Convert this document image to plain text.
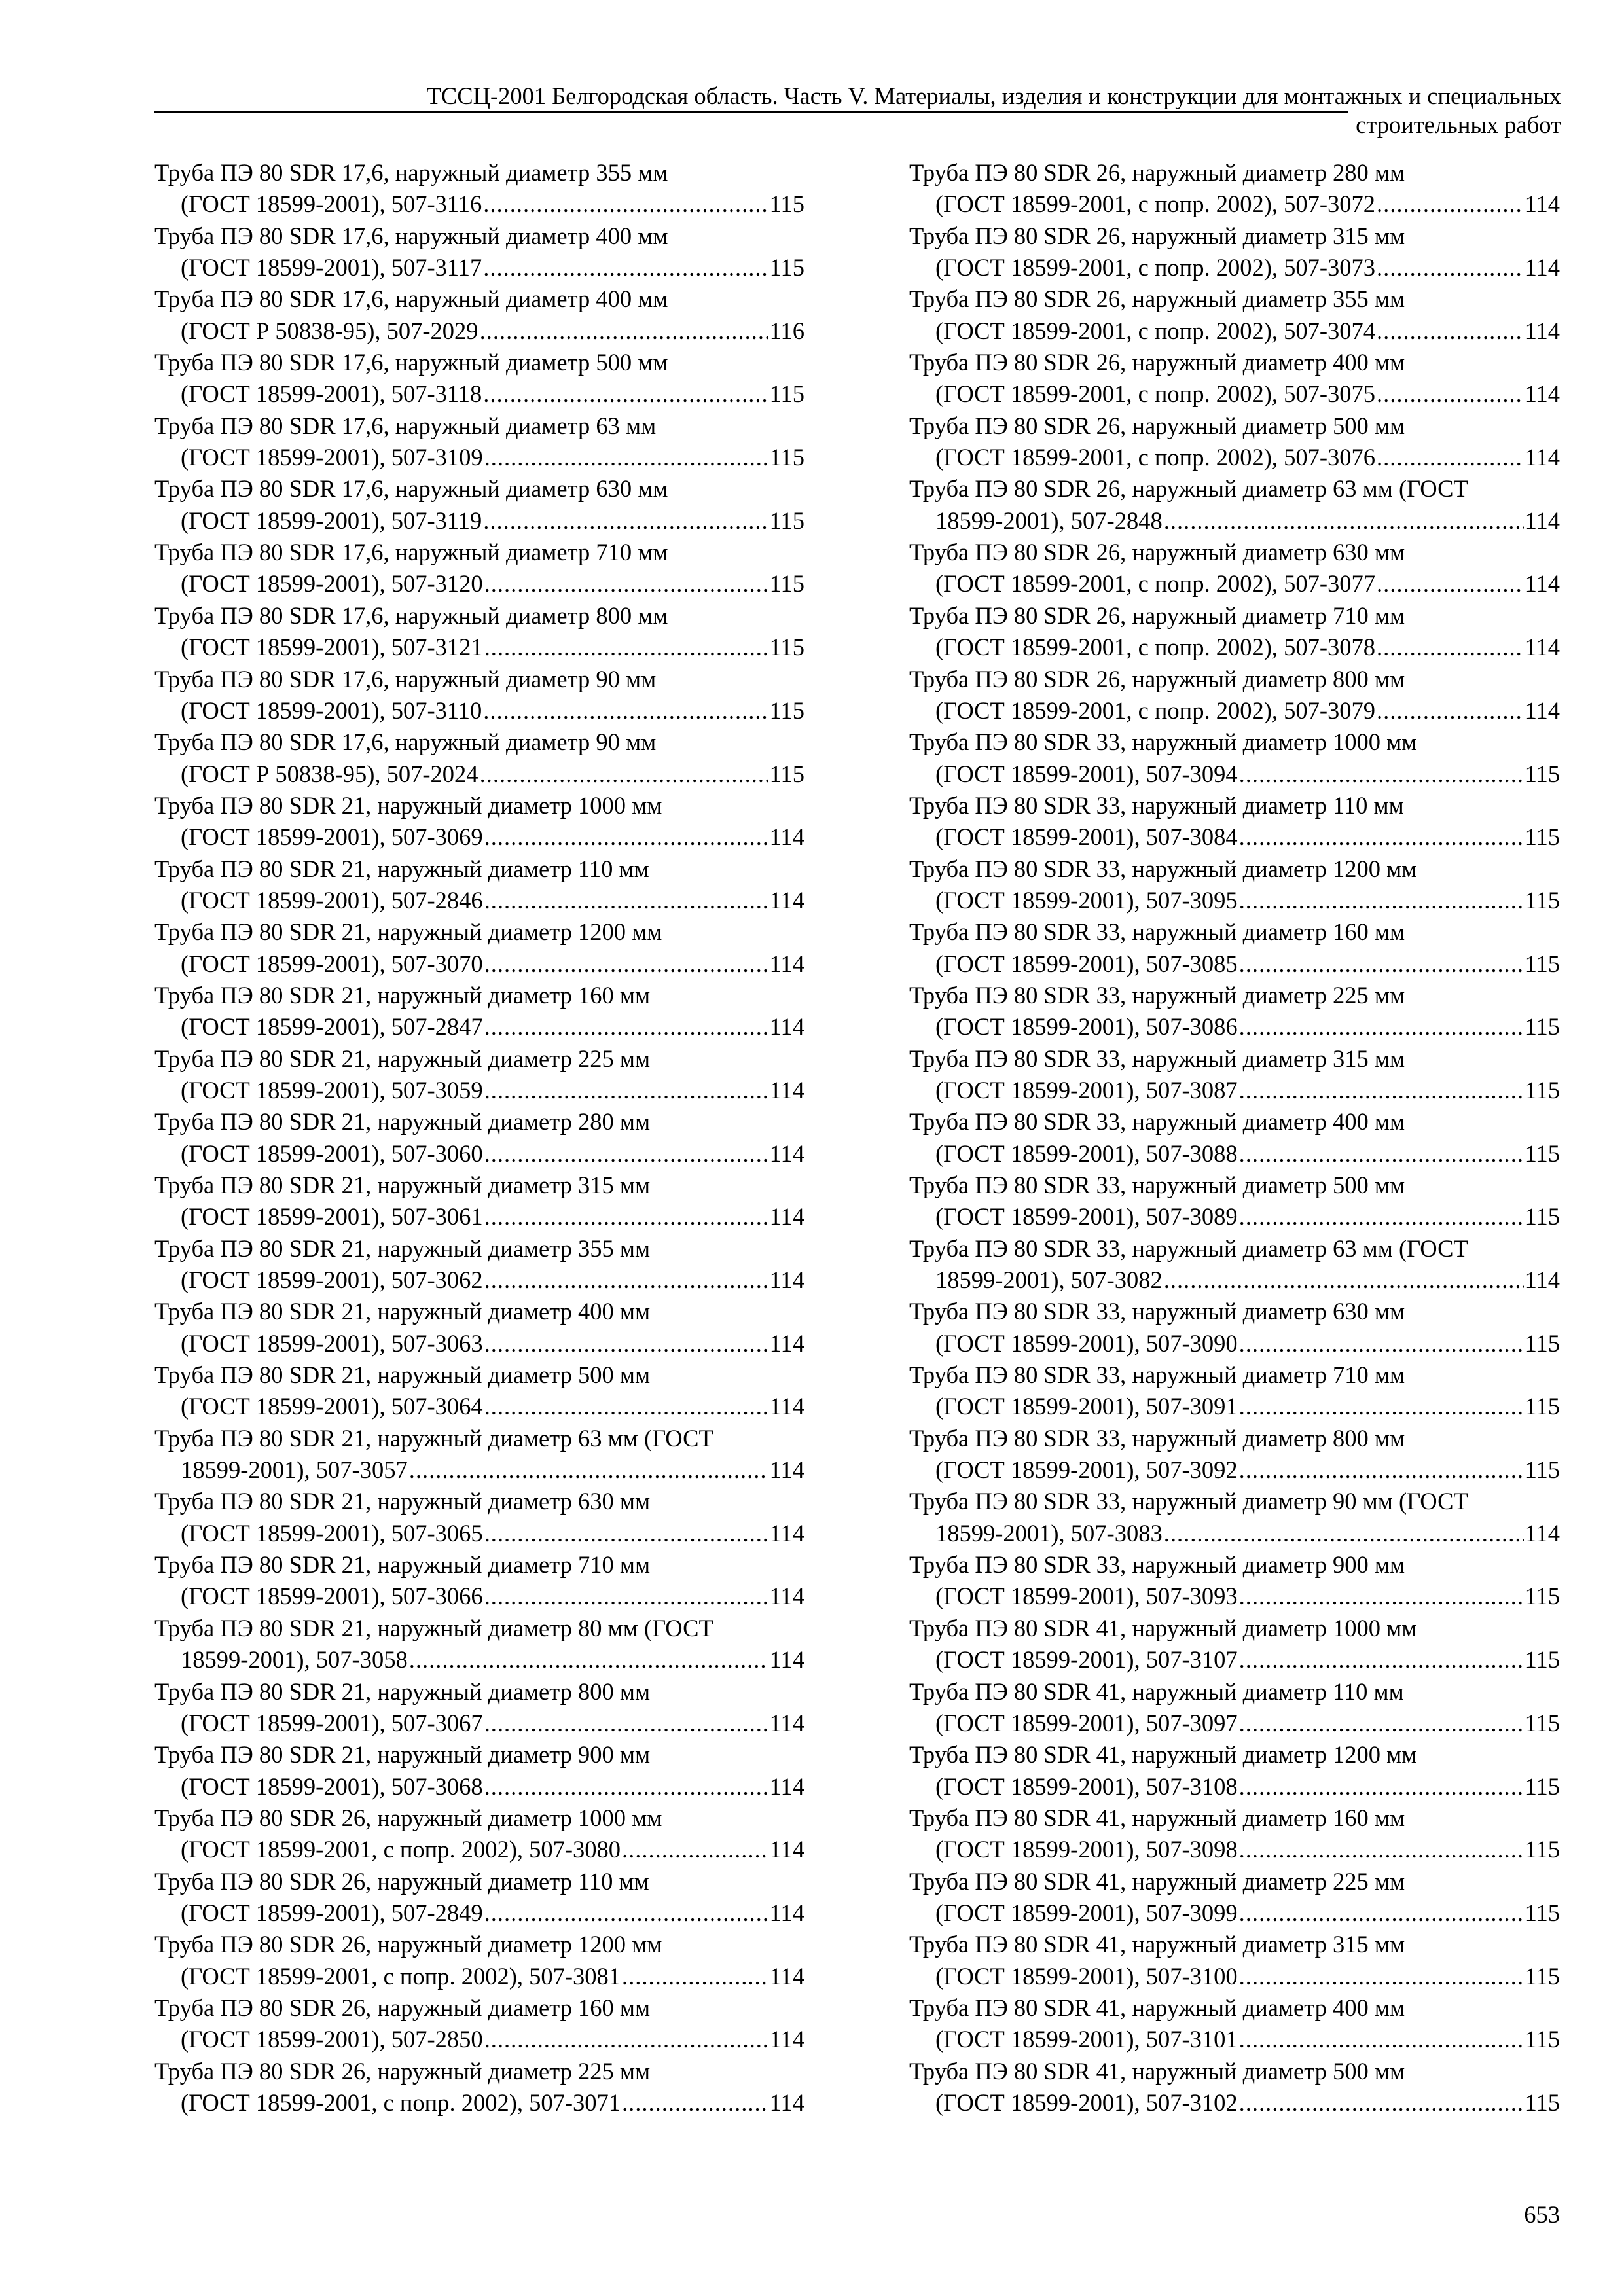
ТССЦ-2001 Белгородская область. Часть V. Материалы, изделия и конструкции для монтажных и специальных
строительных работ
Труба ПЭ 80 SDR 17,6, наружный диаметр 355 мм
(ГОСТ 18599-2001), 507-3116 .....	115
Труба ПЭ 80 SDR 17,6, наружный диаметр 400 мм
(ГОСТ 18599-2001), 507-3117 .....	115
Труба ПЭ 80 SDR 17,6, наружный диаметр 400 мм
(ГОСТ Р 50838-95), 507-2029 .....	116
Труба ПЭ 80 SDR 17,6, наружный диаметр 500 мм
(ГОСТ 18599-2001), 507-3118 .....	115
Труба ПЭ 80 SDR 17,6, наружный диаметр 63 мм
(ГОСТ 18599-2001), 507-3109 .....	115
Труба ПЭ 80 SDR 17,6, наружный диаметр 630 мм
(ГОСТ 18599-2001), 507-3119 .....	115
Труба ПЭ 80 SDR 17,6, наружный диаметр 710 мм
(ГОСТ 18599-2001), 507-3120 .....	115
Труба ПЭ 80 SDR 17,6, наружный диаметр 800 мм
(ГОСТ 18599-2001), 507-3121 .....	115
Труба ПЭ 80 SDR 17,6, наружный диаметр 90 мм
(ГОСТ 18599-2001), 507-3110 .....	115
Труба ПЭ 80 SDR 17,6, наружный диаметр 90 мм
(ГОСТ Р 50838-95), 507-2024 .....	115
Труба ПЭ 80 SDR 21, наружный диаметр 1000 мм
(ГОСТ 18599-2001), 507-3069 .....	114
Труба ПЭ 80 SDR 21, наружный диаметр 110 мм
(ГОСТ 18599-2001), 507-2846 .....	114
Труба ПЭ 80 SDR 21, наружный диаметр 1200 мм
(ГОСТ 18599-2001), 507-3070 .....	114
Труба ПЭ 80 SDR 21, наружный диаметр 160 мм
(ГОСТ 18599-2001), 507-2847 .....	114
Труба ПЭ 80 SDR 21, наружный диаметр 225 мм
(ГОСТ 18599-2001), 507-3059 .....	114
Труба ПЭ 80 SDR 21, наружный диаметр 280 мм
(ГОСТ 18599-2001), 507-3060 .....	114
Труба ПЭ 80 SDR 21, наружный диаметр 315 мм
(ГОСТ 18599-2001), 507-3061 .....	114
Труба ПЭ 80 SDR 21, наружный диаметр 355 мм
(ГОСТ 18599-2001), 507-3062 .....	114
Труба ПЭ 80 SDR 21, наружный диаметр 400 мм
(ГОСТ 18599-2001), 507-3063 .....	114
Труба ПЭ 80 SDR 21, наружный диаметр 500 мм
(ГОСТ 18599-2001), 507-3064 .....	114
Труба ПЭ 80 SDR 21, наружный диаметр 63 мм (ГОСТ
18599-2001), 507-3057 .....	114
Труба ПЭ 80 SDR 21, наружный диаметр 630 мм
(ГОСТ 18599-2001), 507-3065 .....	114
Труба ПЭ 80 SDR 21, наружный диаметр 710 мм
(ГОСТ 18599-2001), 507-3066 .....	114
Труба ПЭ 80 SDR 21, наружный диаметр 80 мм (ГОСТ
18599-2001), 507-3058 .....	114
Труба ПЭ 80 SDR 21, наружный диаметр 800 мм
(ГОСТ 18599-2001), 507-3067 .....	114
Труба ПЭ 80 SDR 21, наружный диаметр 900 мм
(ГОСТ 18599-2001), 507-3068 .....	114
Труба ПЭ 80 SDR 26, наружный диаметр 1000 мм
(ГОСТ 18599-2001, с попр. 2002), 507-3080 .....	114
Труба ПЭ 80 SDR 26, наружный диаметр 110 мм
(ГОСТ 18599-2001), 507-2849 .....	114
Труба ПЭ 80 SDR 26, наружный диаметр 1200 мм
(ГОСТ 18599-2001, с попр. 2002), 507-3081 .....	114
Труба ПЭ 80 SDR 26, наружный диаметр 160 мм
(ГОСТ 18599-2001), 507-2850 .....	114
Труба ПЭ 80 SDR 26, наружный диаметр 225 мм
(ГОСТ 18599-2001, с попр. 2002), 507-3071 .....	114
Труба ПЭ 80 SDR 26, наружный диаметр 280 мм
(ГОСТ 18599-2001, с попр. 2002), 507-3072 .....	114
Труба ПЭ 80 SDR 26, наружный диаметр 315 мм
(ГОСТ 18599-2001, с попр. 2002), 507-3073 .....	114
Труба ПЭ 80 SDR 26, наружный диаметр 355 мм
(ГОСТ 18599-2001, с попр. 2002), 507-3074 .....	114
Труба ПЭ 80 SDR 26, наружный диаметр 400 мм
(ГОСТ 18599-2001, с попр. 2002), 507-3075 .....	114
Труба ПЭ 80 SDR 26, наружный диаметр 500 мм
(ГОСТ 18599-2001, с попр. 2002), 507-3076 .....	114
Труба ПЭ 80 SDR 26, наружный диаметр 63 мм (ГОСТ
18599-2001), 507-2848 .....	114
Труба ПЭ 80 SDR 26, наружный диаметр 630 мм
(ГОСТ 18599-2001, с попр. 2002), 507-3077 .....	114
Труба ПЭ 80 SDR 26, наружный диаметр 710 мм
(ГОСТ 18599-2001, с попр. 2002), 507-3078 .....	114
Труба ПЭ 80 SDR 26, наружный диаметр 800 мм
(ГОСТ 18599-2001, с попр. 2002), 507-3079 .....	114
Труба ПЭ 80 SDR 33, наружный диаметр 1000 мм
(ГОСТ 18599-2001), 507-3094 .....	115
Труба ПЭ 80 SDR 33, наружный диаметр 110 мм
(ГОСТ 18599-2001), 507-3084 .....	115
Труба ПЭ 80 SDR 33, наружный диаметр 1200 мм
(ГОСТ 18599-2001), 507-3095 .....	115
Труба ПЭ 80 SDR 33, наружный диаметр 160 мм
(ГОСТ 18599-2001), 507-3085 .....	115
Труба ПЭ 80 SDR 33, наружный диаметр 225 мм
(ГОСТ 18599-2001), 507-3086 .....	115
Труба ПЭ 80 SDR 33, наружный диаметр 315 мм
(ГОСТ 18599-2001), 507-3087 .....	115
Труба ПЭ 80 SDR 33, наружный диаметр 400 мм
(ГОСТ 18599-2001), 507-3088 .....	115
Труба ПЭ 80 SDR 33, наружный диаметр 500 мм
(ГОСТ 18599-2001), 507-3089 .....	115
Труба ПЭ 80 SDR 33, наружный диаметр 63 мм (ГОСТ
18599-2001), 507-3082 .....	114
Труба ПЭ 80 SDR 33, наружный диаметр 630 мм
(ГОСТ 18599-2001), 507-3090 .....	115
Труба ПЭ 80 SDR 33, наружный диаметр 710 мм
(ГОСТ 18599-2001), 507-3091 .....	115
Труба ПЭ 80 SDR 33, наружный диаметр 800 мм
(ГОСТ 18599-2001), 507-3092 .....	115
Труба ПЭ 80 SDR 33, наружный диаметр 90 мм (ГОСТ
18599-2001), 507-3083 .....	114
Труба ПЭ 80 SDR 33, наружный диаметр 900 мм
(ГОСТ 18599-2001), 507-3093 .....	115
Труба ПЭ 80 SDR 41, наружный диаметр 1000 мм
(ГОСТ 18599-2001), 507-3107 .....	115
Труба ПЭ 80 SDR 41, наружный диаметр 110 мм
(ГОСТ 18599-2001), 507-3097 .....	115
Труба ПЭ 80 SDR 41, наружный диаметр 1200 мм
(ГОСТ 18599-2001), 507-3108 .....	115
Труба ПЭ 80 SDR 41, наружный диаметр 160 мм
(ГОСТ 18599-2001), 507-3098 .....	115
Труба ПЭ 80 SDR 41, наружный диаметр 225 мм
(ГОСТ 18599-2001), 507-3099 .....	115
Труба ПЭ 80 SDR 41, наружный диаметр 315 мм
(ГОСТ 18599-2001), 507-3100 .....	115
Труба ПЭ 80 SDR 41, наружный диаметр 400 мм
(ГОСТ 18599-2001), 507-3101 .....	115
Труба ПЭ 80 SDR 41, наружный диаметр 500 мм
(ГОСТ 18599-2001), 507-3102 .....	115
653
